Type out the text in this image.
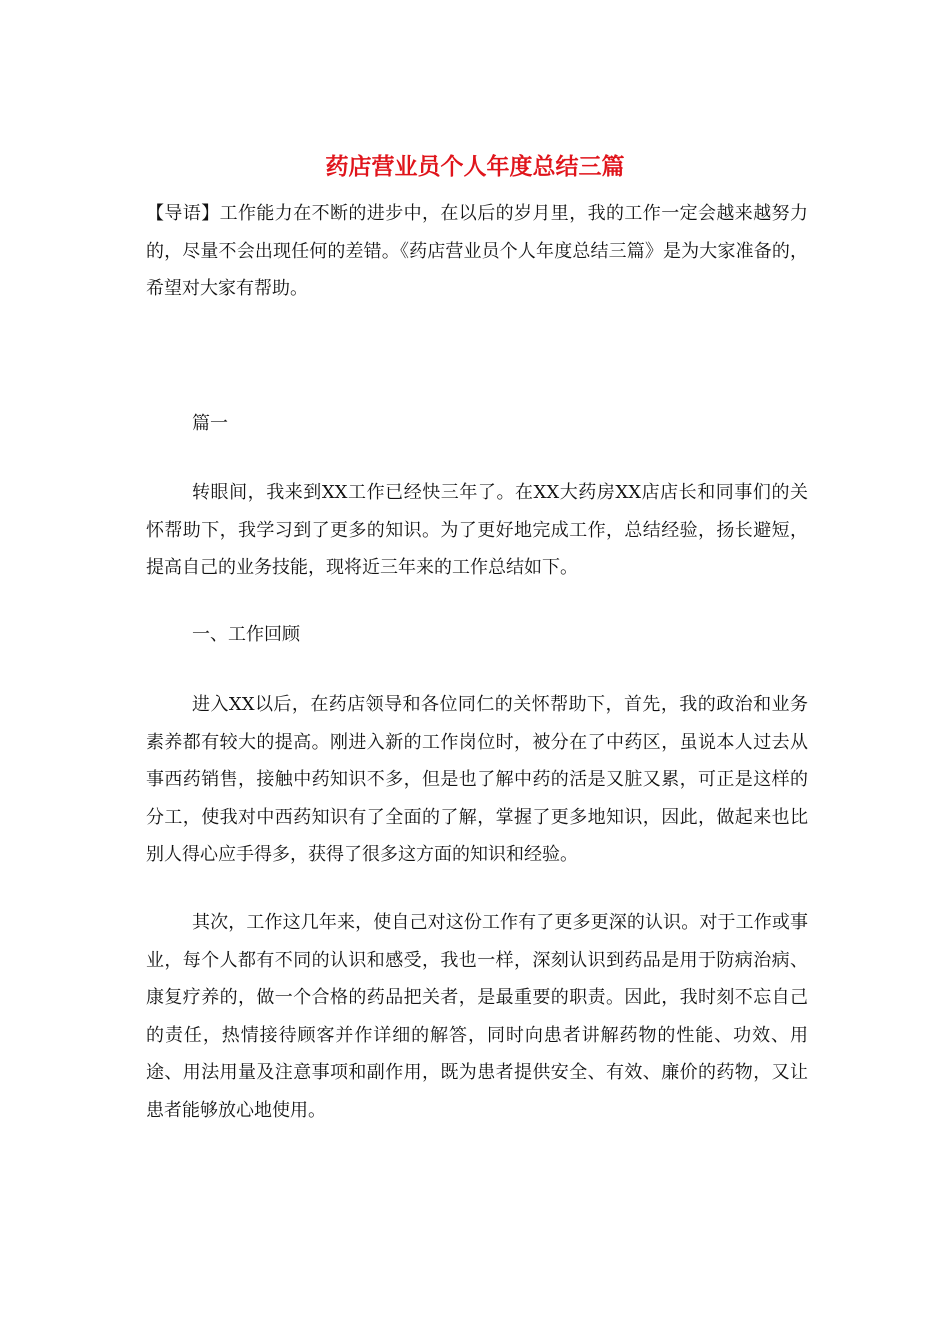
药店营业员个人年度总结三篇

【导语】工作能力在不断的进步中，在以后的岁月里，我的工作一定会越来越努力的，尽量不会出现任何的差错。《药店营业员个人年度总结三篇》是为大家准备的，希望对大家有帮助。

篇一

转眼间，我来到XX工作已经快三年了。在XX大药房XX店店长和同事们的关怀帮助下，我学习到了更多的知识。为了更好地完成工作，总结经验，扬长避短，提高自己的业务技能，现将近三年来的工作总结如下。

一、工作回顾

进入XX以后，在药店领导和各位同仁的关怀帮助下，首先，我的政治和业务素养都有较大的提高。刚进入新的工作岗位时，被分在了中药区，虽说本人过去从事西药销售，接触中药知识不多，但是也了解中药的活是又脏又累，可正是这样的分工，使我对中西药知识有了全面的了解，掌握了更多地知识，因此，做起来也比别人得心应手得多，获得了很多这方面的知识和经验。

其次，工作这几年来，使自己对这份工作有了更多更深的认识。对于工作或事业，每个人都有不同的认识和感受，我也一样，深刻认识到药品是用于防病治病、康复疗养的，做一个合格的药品把关者，是最重要的职责。因此，我时刻不忘自己的责任，热情接待顾客并作详细的解答，同时向患者讲解药物的性能、功效、用途、用法用量及注意事项和副作用，既为患者提供安全、有效、廉价的药物，又让患者能够放心地使用。
